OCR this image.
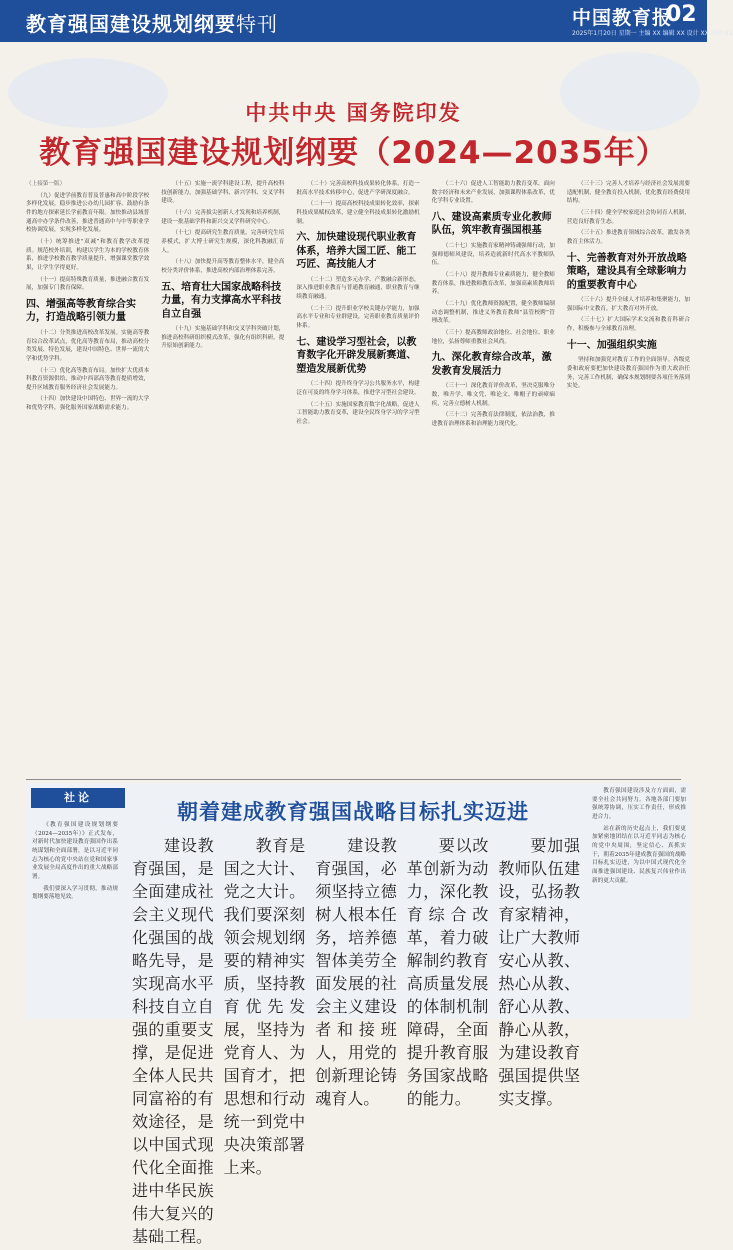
教育强国建设规划纲要特刊	中国教育报
02
2025年1月20日 星期一 主编 XX 编辑 XX 设计 XX 校对 XX
中共中央 国务院印发
教育强国建设规划纲要（2024—2035年）

（上接第一版）

（九）促进学前教育普及普惠和高中阶段学校多样化发展。稳步推进公办幼儿园扩容，鼓励有条件的地方探索延长学前教育年限。加快推动县域普通高中办学条件改善，推进普通高中与中等职业学校协调发展，实现多样化发展。

（十）统筹推进“双减”和教育教学改革提质。规范校外培训，构建以学生为本的学校教育体系，推进学校教育教学质量提升，增强课堂教学效果，让学生学得更好。

（十一）提高特殊教育质量，推进融合教育发展，加强专门教育保障。

四、增强高等教育综合实力，打造战略引领力量

（十二）分类推进高校改革发展。实施高等教育综合改革试点，优化高等教育布局，推动高校分类发展、特色发展，建设中国特色、世界一流的大学和优势学科。

（十三）优化高等教育布局。加快扩大优质本科教育资源供给，推动中西部高等教育提质增效，提升区域教育服务经济社会发展能力。

（十四）加快建设中国特色、世界一流的大学和优势学科，强化服务国家战略需求能力。

（十五）实施一流学科建设工程，提升高校科技创新能力，加强基础学科、新兴学科、交叉学科建设。

（十六）完善拔尖创新人才发现和培养机制，建设一批基础学科和新兴交叉学科研究中心。

（十七）提高研究生教育质量，完善研究生培养模式，扩大博士研究生规模，深化科教融汇育人。

（十八）加快提升高等教育整体水平，健全高校分类评价体系，推进高校内部治理体系完善。

五、培育壮大国家战略科技力量，有力支撑高水平科技自立自强

（十九）实施基础学科和交叉学科突破计划，推进高校科研组织模式改革，强化有组织科研，提升原始创新能力。

（二十）完善高校科技成果转化体系，打造一批高水平技术转移中心，促进产学研深度融合。

（二十一）提高高校科技成果转化效率，探索科技成果赋权改革，建立健全科技成果转化激励机制。

六、加快建设现代职业教育体系，培养大国工匠、能工巧匠、高技能人才

（二十二）塑造多元办学、产教融合新形态，深入推进职业教育与普通教育融通，职业教育与继续教育融通。

（二十三）提升职业学校关键办学能力，加强高水平专业和专业群建设，完善职业教育质量评价体系。

七、建设学习型社会，以教育数字化开辟发展新赛道、塑造发展新优势

（二十四）提升终身学习公共服务水平，构建泛在可及的终身学习体系，推进学习型社会建设。

（二十五）实施国家教育数字化战略，促进人工智能助力教育变革，建设全民终身学习的学习型社会。

（二十六）促进人工智能助力教育变革，面向数字经济和未来产业发展，加强课程体系改革，优化学科专业设置。

八、建设高素质专业化教师队伍，筑牢教育强国根基

（二十七）实施教育家精神铸魂强师行动，加强师德师风建设，培养造就新时代高水平教师队伍。

（二十八）提升教师专业素质能力，健全教师教育体系，推进教师教育改革，加强高素质教师培养。

（二十九）优化教师资源配置，健全教师编制动态调整机制，推进义务教育教师“县管校聘”管理改革。

（三十）提高教师政治地位、社会地位、职业地位，弘扬尊师重教社会风尚。

九、深化教育综合改革，激发教育发展活力

（三十一）深化教育评价改革，坚决克服唯分数、唯升学、唯文凭、唯论文、唯帽子的顽瘴痼疾，完善立德树人机制。

（三十二）完善教育法律制度，依法治教，推进教育治理体系和治理能力现代化。

（三十三）完善人才培养与经济社会发展需要适配机制，健全教育投入机制，优化教育经费使用结构。

（三十四）健全学校家庭社会协同育人机制，营造良好教育生态。

（三十五）推进教育领域综合改革，激发各类教育主体活力。

十、完善教育对外开放战略策略，建设具有全球影响力的重要教育中心

（三十六）提升全球人才培养和集聚能力，加强国际中文教育，扩大教育对外开放。

（三十七）扩大国际学术交流和教育科研合作，积极参与全球教育治理。

十一、加强组织实施

坚持和加强党对教育工作的全面领导。各级党委和政府要把加快建设教育强国作为重大政治任务，完善工作机制，确保本规划纲要各项任务落到实处。

社论
朝着建成教育强国战略目标扎实迈进

《教育强国建设规划纲要（2024—2035年）》正式发布，对新时代加快建设教育强国作出系统谋划和全面部署，是以习近平同志为核心的党中央站在党和国家事业发展全局高度作出的重大战略部署。

我们要深入学习贯彻，推动规划纲要落地见效。

建设教育强国，是全面建成社会主义现代化强国的战略先导，是实现高水平科技自立自强的重要支撑，是促进全体人民共同富裕的有效途径，是以中国式现代化全面推进中华民族伟大复兴的基础工程。

教育是国之大计、党之大计。我们要深刻领会规划纲要的精神实质，坚持教育优先发展，坚持为党育人、为国育才，把思想和行动统一到党中央决策部署上来。

建设教育强国，必须坚持立德树人根本任务，培养德智体美劳全面发展的社会主义建设者和接班人，用党的创新理论铸魂育人。

要以改革创新为动力，深化教育综合改革，着力破解制约教育高质量发展的体制机制障碍，全面提升教育服务国家战略的能力。

要加强教师队伍建设，弘扬教育家精神，让广大教师安心从教、热心从教、舒心从教、静心从教，为建设教育强国提供坚实支撑。

教育强国建设涉及方方面面，需要全社会共同努力。各地各部门要加强统筹协调，压实工作责任，形成推进合力。

站在新的历史起点上，我们要更加紧密地团结在以习近平同志为核心的党中央周围，坚定信心、真抓实干，朝着2035年建成教育强国的战略目标扎实迈进，为以中国式现代化全面推进强国建设、民族复兴伟业作出新的更大贡献。
